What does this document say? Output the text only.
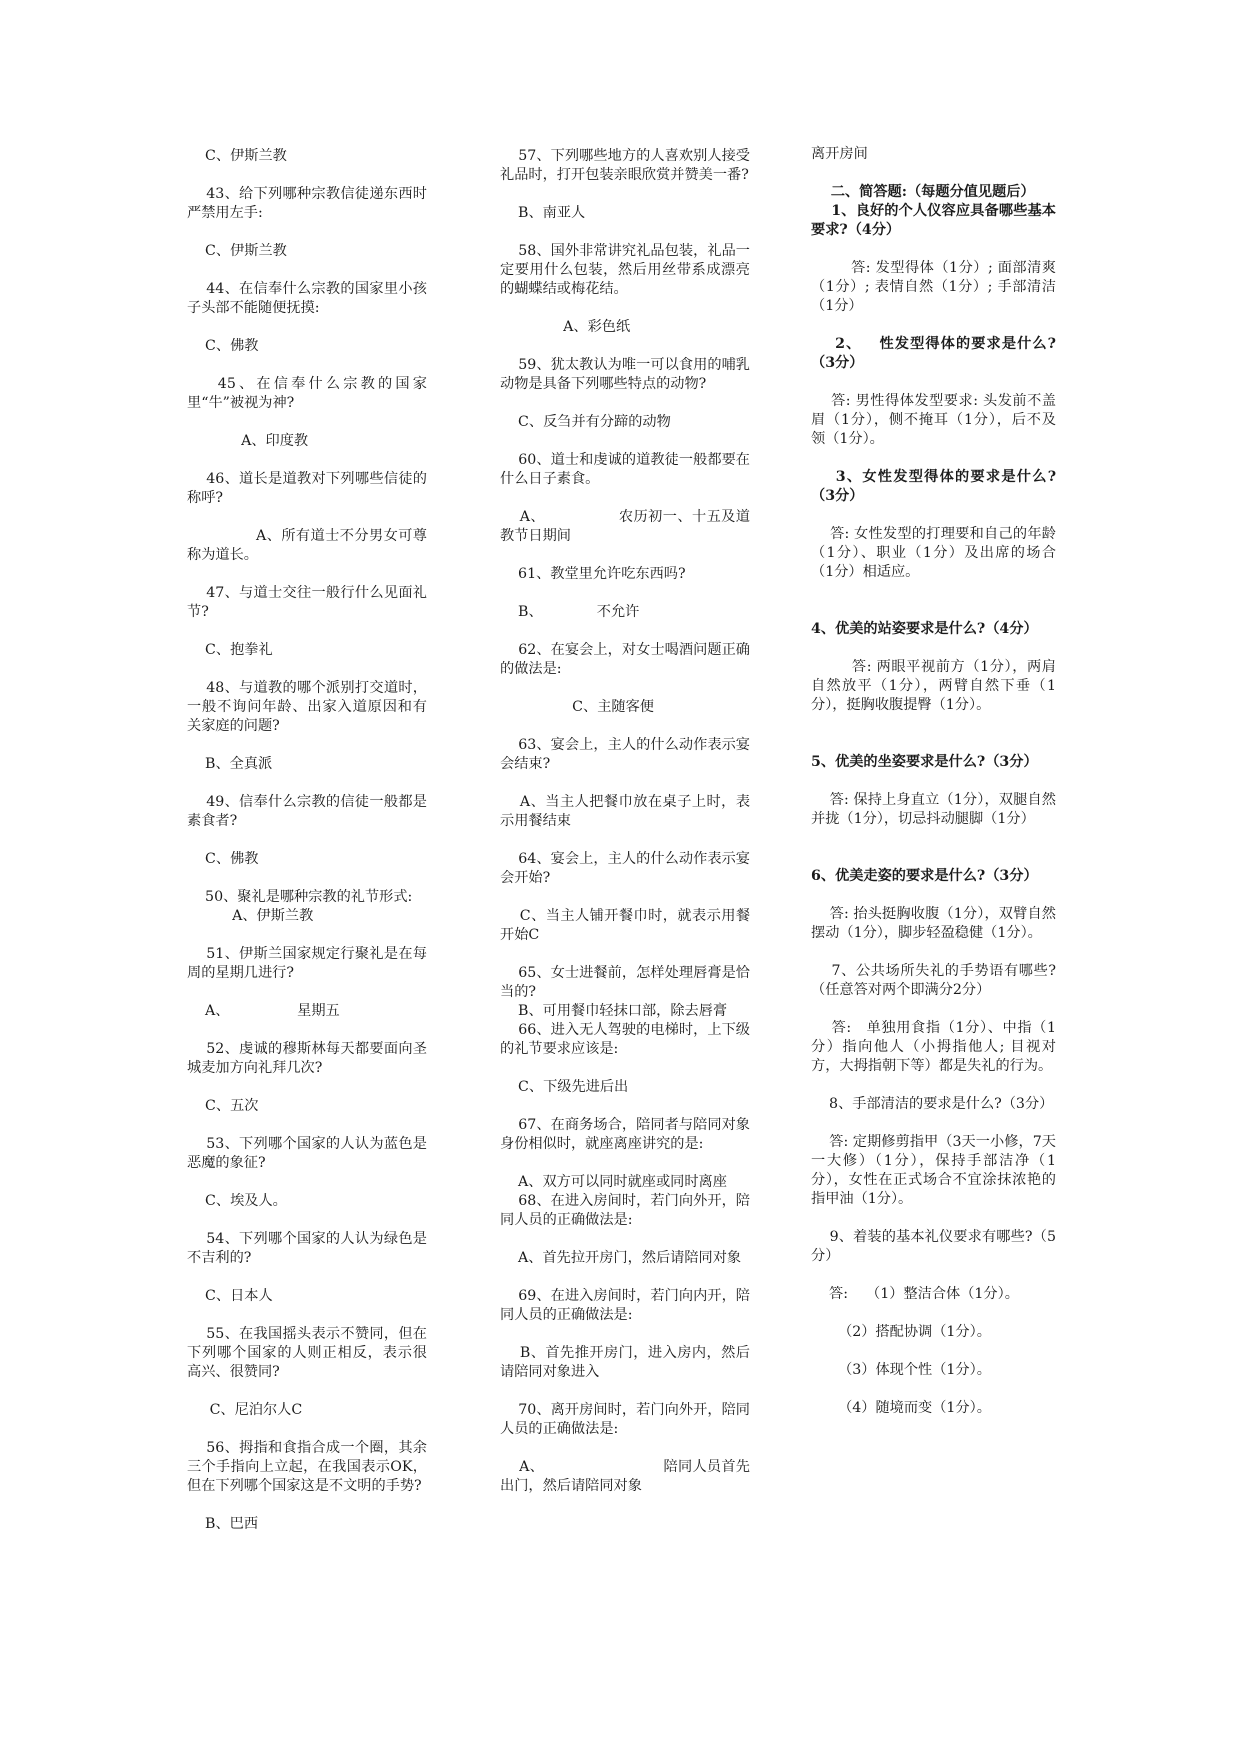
C、伊斯兰教
43、给下列哪种宗教信徒递东西时严禁用左手:
C、伊斯兰教
44、在信奉什么宗教的国家里小孩子头部不能随便抚摸:
C、佛教
45、在信奉什么宗教的国家里“牛”被视为神?
A、印度教
46、道长是道教对下列哪些信徒的称呼?
A、所有道士不分男女可尊称为道长。
47、与道士交往一般行什么见面礼节?
C、抱拳礼
48、与道教的哪个派别打交道时，一般不询问年龄、出家入道原因和有关家庭的问题?
B、全真派
49、信奉什么宗教的信徒一般都是素食者?
C、佛教
50、聚礼是哪种宗教的礼节形式:
A、伊斯兰教
51、伊斯兰国家规定行聚礼是在每周的星期几进行?
A、               星期五
52、虔诚的穆斯林每天都要面向圣城麦加方向礼拜几次?
C、五次
53、下列哪个国家的人认为蓝色是恶魔的象征?
C、埃及人。
54、下列哪个国家的人认为绿色是不吉利的?
C、日本人
55、在我国摇头表示不赞同，但在下列哪个国家的人则正相反，表示很高兴、很赞同?
C、尼泊尔人C
56、拇指和食指合成一个圈，其余三个手指向上立起，在我国表示OK，但在下列哪个国家这是不文明的手势?
B、巴西
57、下列哪些地方的人喜欢别人接受礼品时，打开包装亲眼欣赏并赞美一番?
B、南亚人
58、国外非常讲究礼品包装，礼品一定要用什么包装，然后用丝带系成漂亮的蝴蝶结或梅花结。
A、彩色纸
59、犹太教认为唯一可以食用的哺乳动物是具备下列哪些特点的动物?
C、反刍并有分蹄的动物
60、道士和虔诚的道教徒一般都要在什么日子素食。
A、               农历初一、十五及道教节日期间
61、教堂里允许吃东西吗?
B、            不允许
62、在宴会上，对女士喝酒问题正确的做法是:
C、主随客便
63、宴会上，主人的什么动作表示宴会结束?
A、当主人把餐巾放在桌子上时，表示用餐结束
64、宴会上，主人的什么动作表示宴会开始?
C、当主人铺开餐巾时，就表示用餐开始C
65、女士进餐前，怎样处理唇膏是恰当的?
B、可用餐巾轻抹口部，除去唇膏
66、进入无人驾驶的电梯时，上下级的礼节要求应该是:
C、下级先进后出
67、在商务场合，陪同者与陪同对象身份相似时，就座离座讲究的是:
A、双方可以同时就座或同时离座
68、在进入房间时，若门向外开，陪同人员的正确做法是:
A、首先拉开房门，然后请陪同对象
69、在进入房间时，若门向内开，陪同人员的正确做法是:
B、首先推开房门，进入房内，然后请陪同对象进入
70、离开房间时，若门向外开，陪同人员的正确做法是:
A、                         陪同人员首先出门，然后请陪同对象
离开房间
二、简答题:（每题分值见题后）
1、良好的个人仪容应具备哪些基本要求?（4分）
答: 发型得体（1分）; 面部清爽（1分）; 表情自然（1分）; 手部清洁（1分）
2、   性发型得体的要求是什么?（3分）
答: 男性得体发型要求: 头发前不盖眉（1分），侧不掩耳（1分），后不及领（1分）。
3、女性发型得体的要求是什么?（3分）
答: 女性发型的打理要和自己的年龄（1分）、职业（1分）及出席的场合（1分）相适应。
4、优美的站姿要求是什么?（4分）
答: 两眼平视前方（1分），两肩自然放平（1分），两臂自然下垂（1分），挺胸收腹提臀（1分）。
5、优美的坐姿要求是什么?（3分）
答: 保持上身直立（1分），双腿自然并拢（1分），切忌抖动腿脚（1分）
6、优美走姿的要求是什么?（3分）
答: 抬头挺胸收腹（1分），双臂自然摆动（1分），脚步轻盈稳健（1分）。
7、公共场所失礼的手势语有哪些?（任意答对两个即满分2分）
答:   单独用食指（1分）、中指（1分）指向他人（小拇指他人; 目视对方，大拇指朝下等）都是失礼的行为。
8、手部清洁的要求是什么?（3分）
答: 定期修剪指甲（3天一小修，7天一大修）（1分），保持手部洁净（1分），女性在正式场合不宜涂抹浓艳的指甲油（1分）。
9、着装的基本礼仪要求有哪些?（5分）
答:    （1）整洁合体（1分）。
（2）搭配协调（1分）。
（3）体现个性（1分）。
（4）随境而变（1分）。
